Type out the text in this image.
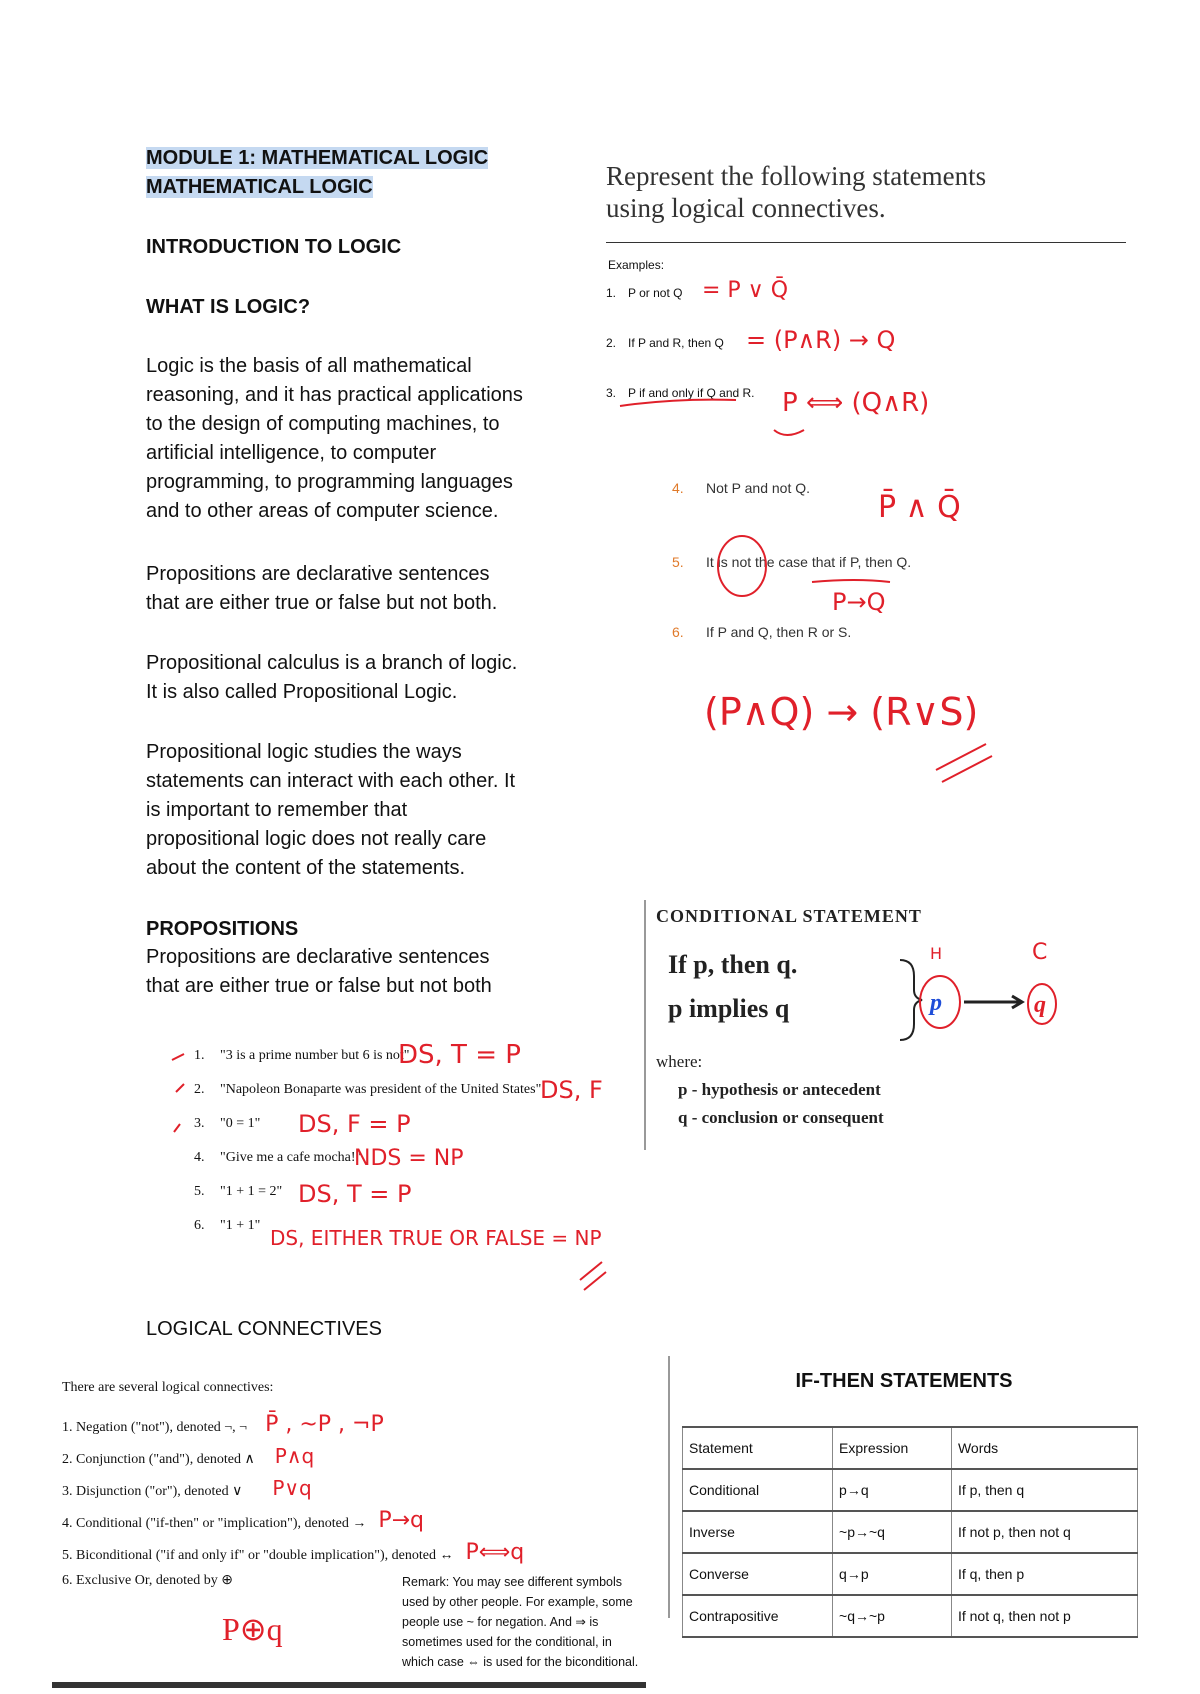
MODULE 1: MATHEMATICAL LOGIC
MATHEMATICAL LOGIC
INTRODUCTION TO LOGIC
WHAT IS LOGIC?
Logic is the basis of all mathematical
reasoning, and it has practical applications
to the design of computing machines, to
artificial intelligence, to computer
programming, to programming languages
and to other areas of computer science.
Propositions are declarative sentences
that are either true or false but not both.
Propositional calculus is a branch of logic.
It is also called Propositional Logic.
Propositional logic studies the ways
statements can interact with each other. It
is important to remember that
propositional logic does not really care
about the content of the statements.
PROPOSITIONS
Propositions are declarative sentences
that are either true or false but not both
1. "3 is a prime number but 6 is not"
DS, T = P
2. "Napoleon Bonaparte was president of the United States"
DS, F
3. "0 = 1" DS, F = P
4. "Give me a cafe mocha!"
NDS = NP
5. "1 + 1 = 2" DS, T = P
6. "1 + 1"
DS, EITHER TRUE OR FALSE = NP
LOGICAL CONNECTIVES
There are several logical connectives:
1. Negation ("not"), denoted ¬, ¬ P̄ , ~P , ¬P
2. Conjunction ("and"), denoted ∧ P∧q
3. Disjunction ("or"), denoted ∨ P∨q
4. Conditional ("if-then" or "implication"), denoted → P→q
5. Biconditional ("if and only if" or "double implication"), denoted ↔ P⟺q
6. Exclusive Or, denoted by ⊕
P⊕q
Remark: You may see different symbols used by other people. For example, some people use ~ for negation. And ⇒ is sometimes used for the conditional, in which case ⇔ is used for the biconditional.
IF-THEN STATEMENTS
Statement	Expression	Words
Conditional	p→q	If p, then q
Inverse	~p→~q	If not p, then not q
Converse	q→p	If q, then p
Contrapositive	~q→~p	If not q, then not p
Represent the following statements
using logical connectives.
Examples:
1. P or not Q = P ∨ Q̄
2. If P and R, then Q = (P∧R) → Q
3. P if and only if Q and R. P ⟺ (Q∧R)
4. Not P and not Q.
P̄ ∧ Q̄
5. It is not the case that if P, then Q.
P→Q
6. If P and Q, then R or S.
(P∧Q) → (R∨S)
CONDITIONAL STATEMENT
If p, then q.
p implies q
where:
p - hypothesis or antecedent
q - conclusion or consequent
H	C
p	q
